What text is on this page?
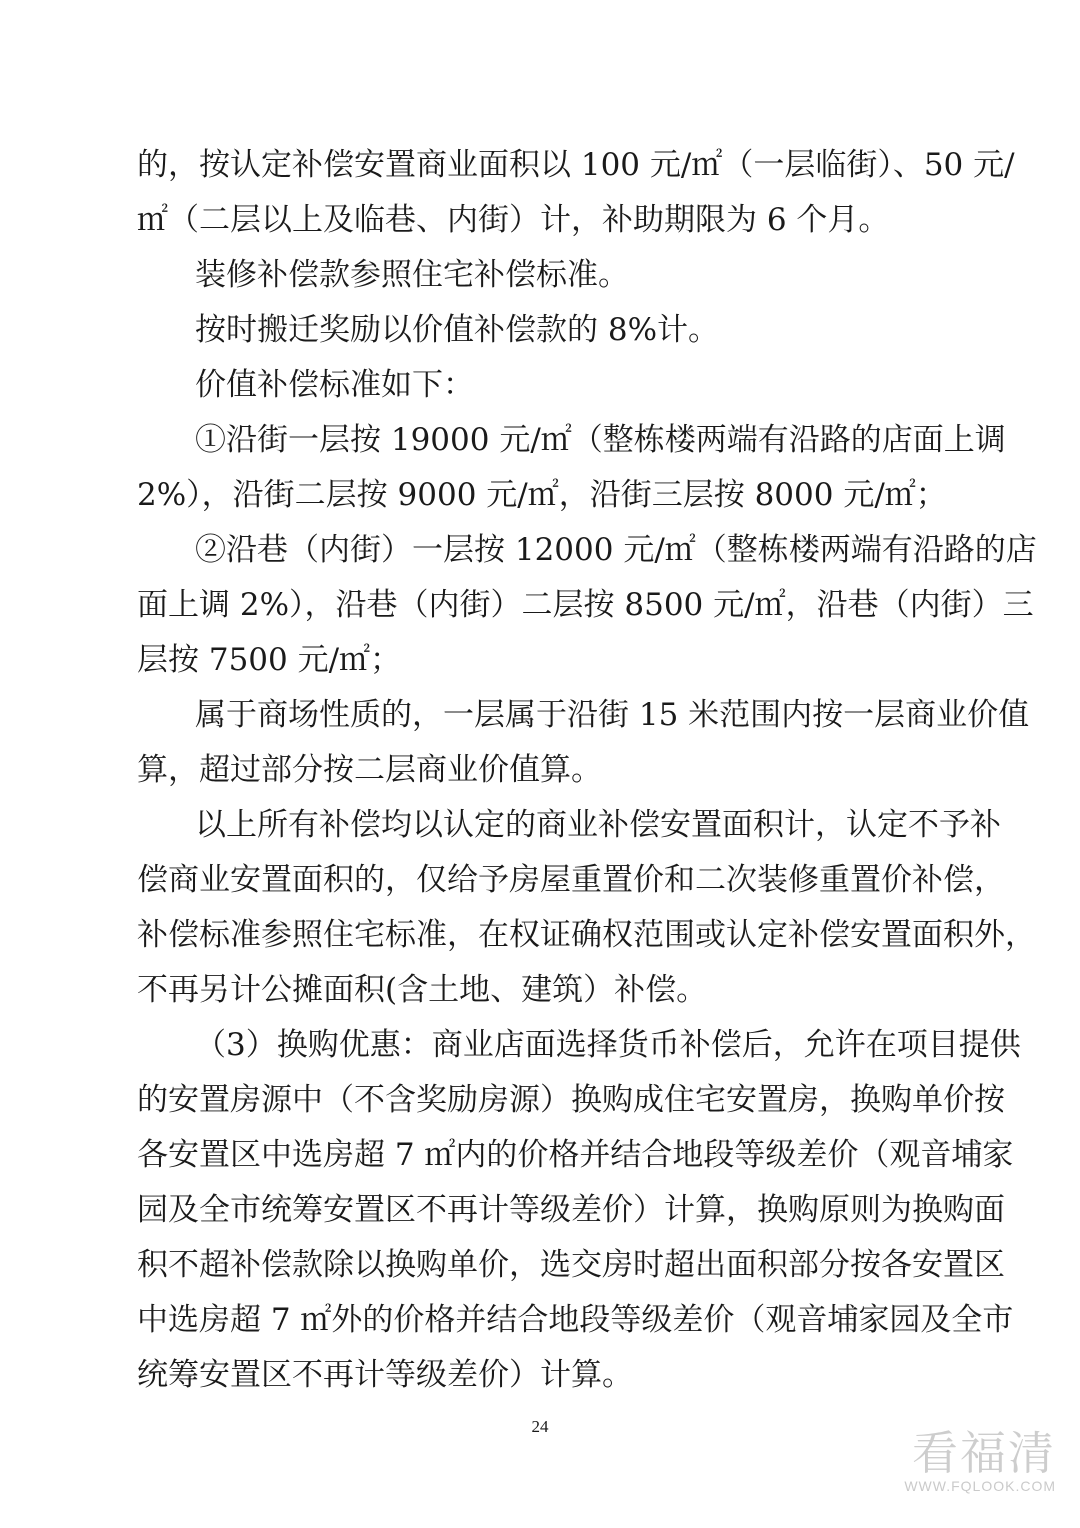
的，按认定补偿安置商业面积以 100 元/㎡（一层临街）、50 元/
㎡（二层以上及临巷、内街）计，补助期限为 6 个月。
装修补偿款参照住宅补偿标准。
按时搬迁奖励以价值补偿款的 8%计。
价值补偿标准如下：
①沿街一层按 19000 元/㎡（整栋楼两端有沿路的店面上调
2%），沿街二层按 9000 元/㎡，沿街三层按 8000 元/㎡；
②沿巷（内街）一层按 12000 元/㎡（整栋楼两端有沿路的店
面上调 2%），沿巷（内街）二层按 8500 元/㎡，沿巷（内街）三
层按 7500 元/㎡；
属于商场性质的，一层属于沿街 15 米范围内按一层商业价值
算，超过部分按二层商业价值算。
以上所有补偿均以认定的商业补偿安置面积计，认定不予补
偿商业安置面积的，仅给予房屋重置价和二次装修重置价补偿，
补偿标准参照住宅标准，在权证确权范围或认定补偿安置面积外，
不再另计公摊面积(含土地、建筑）补偿。
（3）换购优惠：商业店面选择货币补偿后，允许在项目提供
的安置房源中（不含奖励房源）换购成住宅安置房，换购单价按
各安置区中选房超 7 ㎡内的价格并结合地段等级差价（观音埔家
园及全市统筹安置区不再计等级差价）计算，换购原则为换购面
积不超补偿款除以换购单价，选交房时超出面积部分按各安置区
中选房超 7 ㎡外的价格并结合地段等级差价（观音埔家园及全市
统筹安置区不再计等级差价）计算。
24	看福清
WWW.FQLOOK.COM
